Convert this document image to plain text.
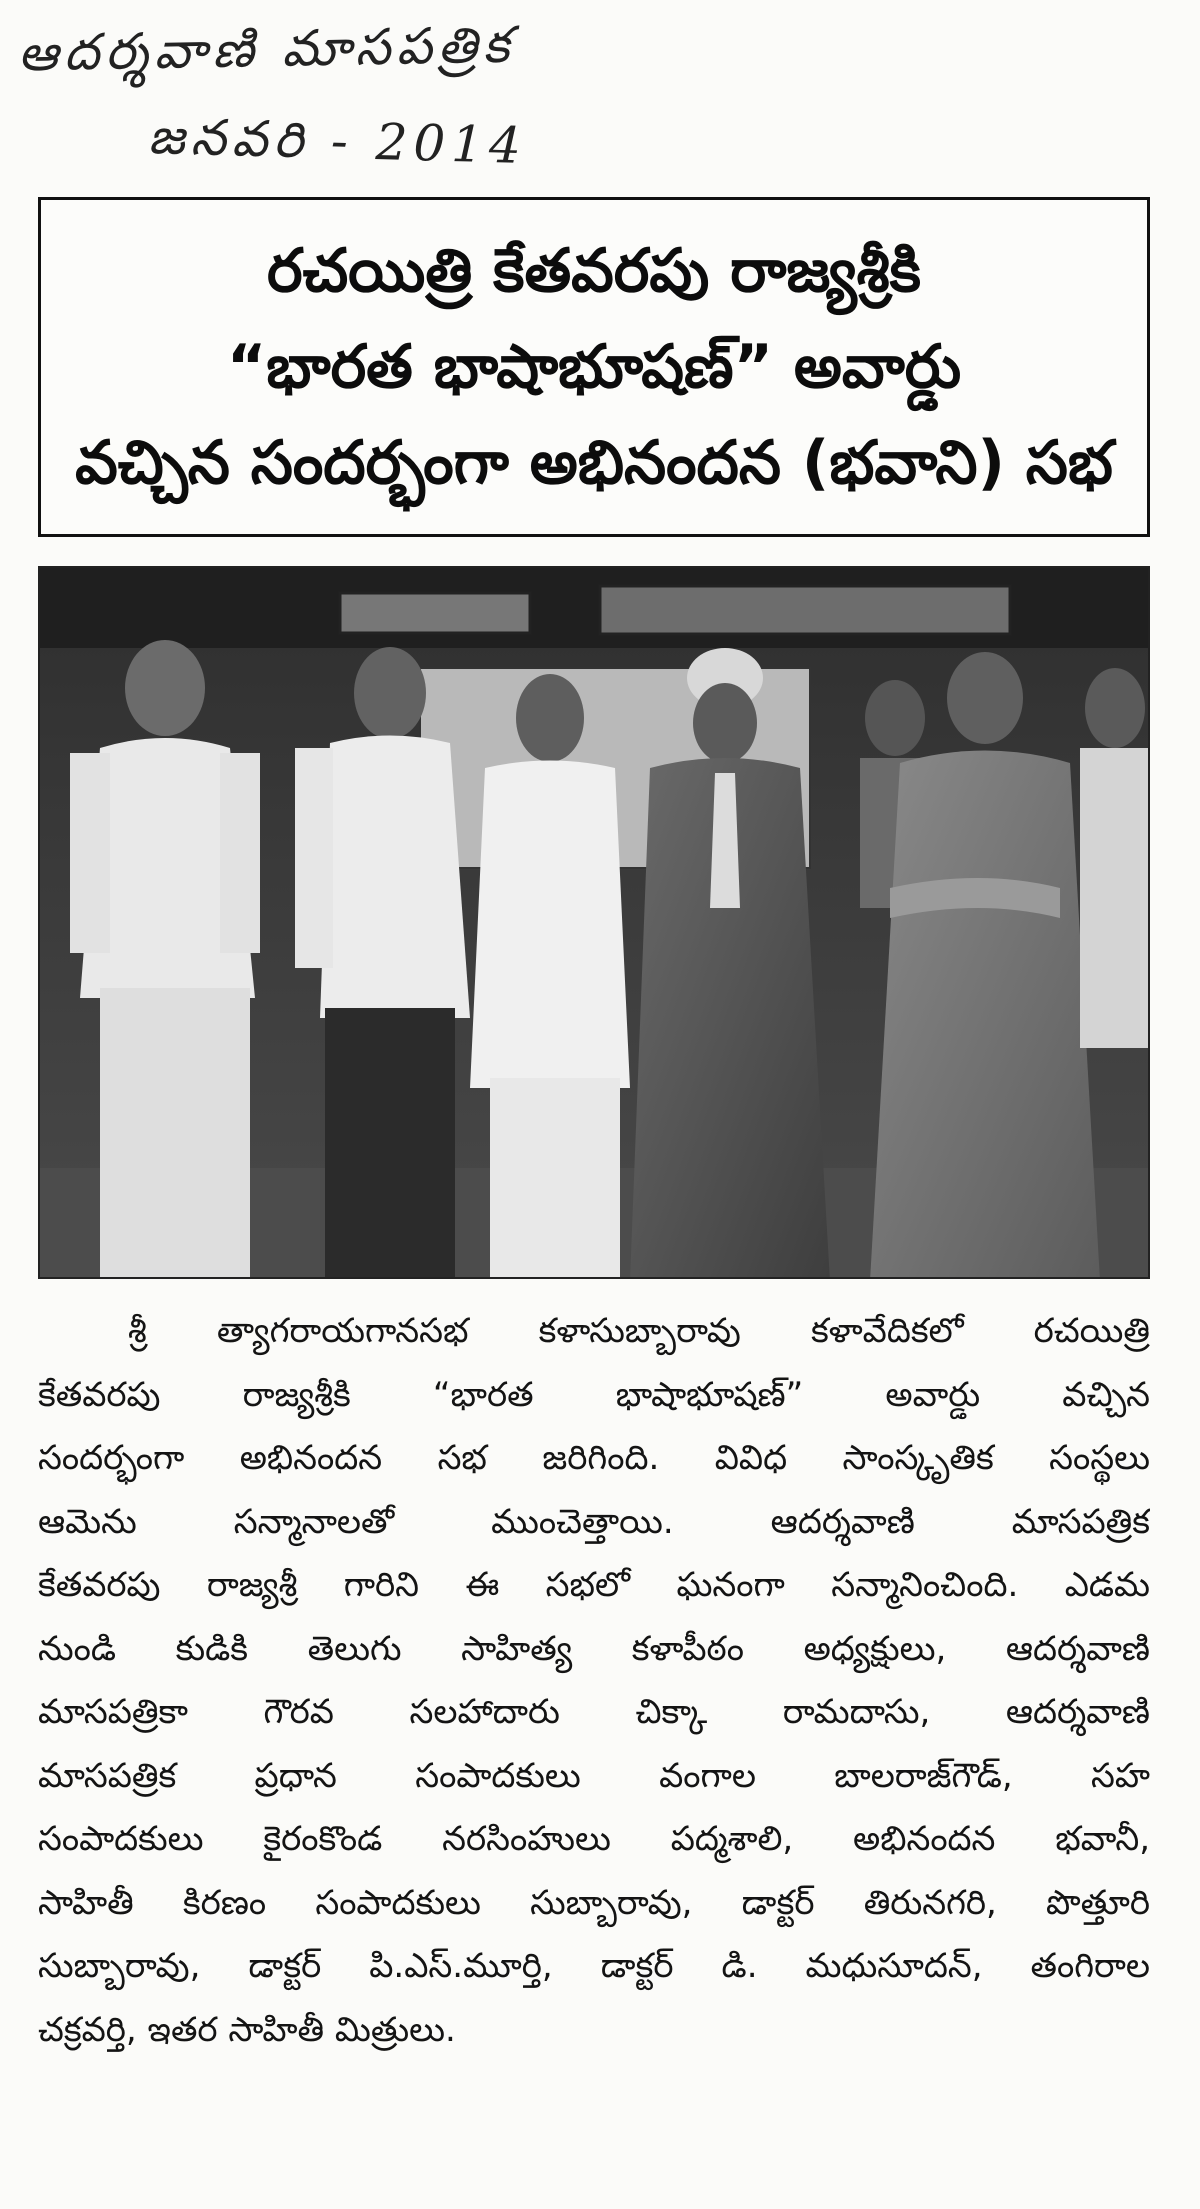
ఆదర్శవాణి మాసపత్రిక
జనవరి - 2014
రచయిత్రి కేతవరపు రాజ్యశ్రీకి
“భారత భాషాభూషణ్” అవార్డు
వచ్చిన సందర్భంగా అభినందన (భవాని) సభ
శ్రీ త్యాగరాయగానసభ కళాసుబ్బారావు కళావేదికలో రచయిత్రి
కేతవరపు రాజ్యశ్రీకి “భారత భాషాభూషణ్” అవార్డు వచ్చిన
సందర్భంగా అభినందన సభ జరిగింది. వివిధ సాంస్కృతిక సంస్థలు
ఆమెను సన్మానాలతో ముంచెత్తాయి. ఆదర్శవాణి మాసపత్రిక
కేతవరపు రాజ్యశ్రీ గారిని ఈ సభలో ఘనంగా సన్మానించింది. ఎడమ
నుండి కుడికి తెలుగు సాహిత్య కళాపీఠం అధ్యక్షులు, ఆదర్శవాణి
మాసపత్రికా గౌరవ సలహాదారు చిక్కా రామదాసు, ఆదర్శవాణి
మాసపత్రిక ప్రధాన సంపాదకులు వంగాల బాలరాజ్‌గౌడ్, సహ
సంపాదకులు కైరంకొండ నరసింహులు పద్మశాలి, అభినందన భవానీ,
సాహితీ కిరణం సంపాదకులు సుబ్బారావు, డాక్టర్ తిరునగరి, పొత్తూరి
సుబ్బారావు, డాక్టర్ పి.ఎస్.మూర్తి, డాక్టర్ డి. మధుసూదన్, తంగిరాల
చక్రవర్తి, ఇతర సాహితీ మిత్రులు.
